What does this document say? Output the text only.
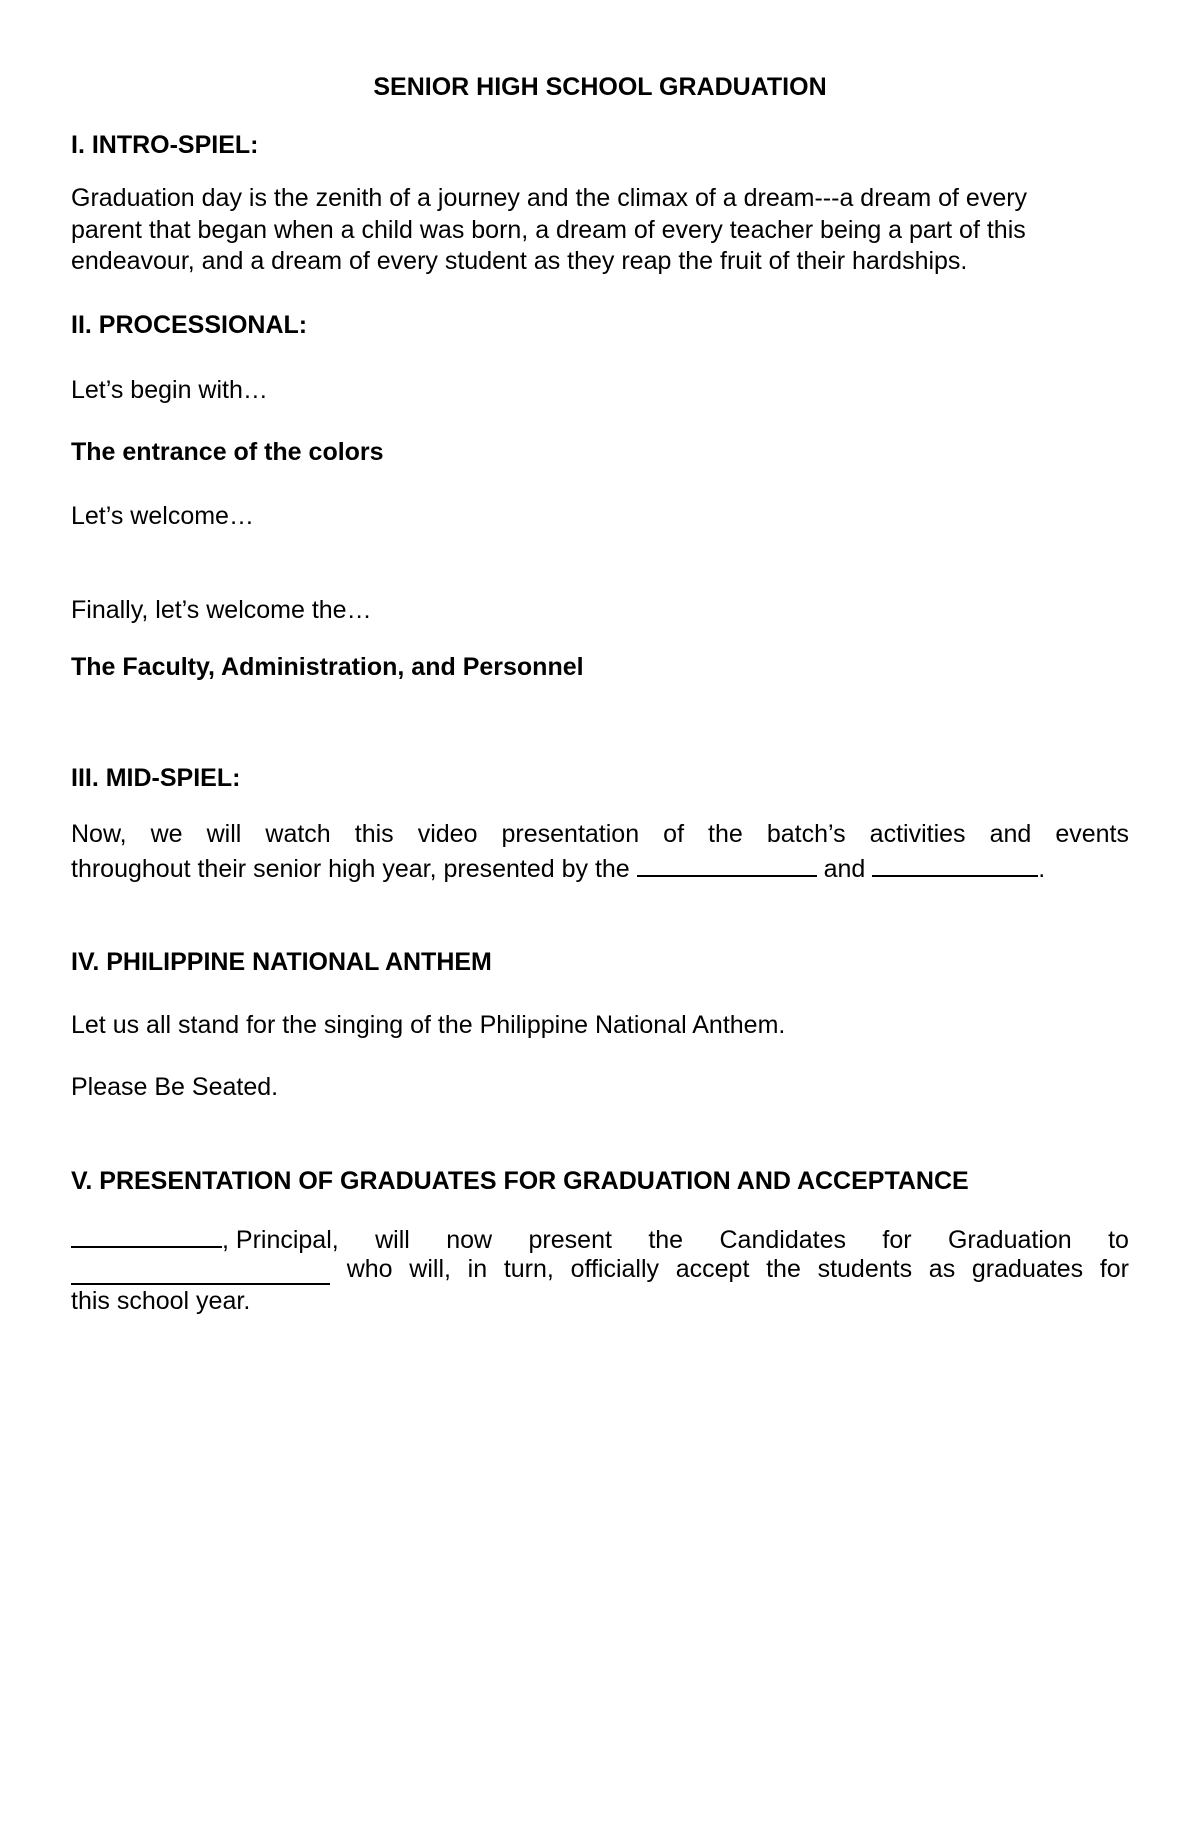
SENIOR HIGH SCHOOL GRADUATION
I. INTRO-SPIEL:
Graduation day is the zenith of a journey and the climax of a dream---a dream of every
parent that began when a child was born, a dream of every teacher being a part of this
endeavour, and a dream of every student as they reap the fruit of their hardships.
II. PROCESSIONAL:
Let’s begin with…
The entrance of the colors
Let’s welcome…
Finally, let’s welcome the…
The Faculty, Administration, and Personnel
III. MID-SPIEL:
Now, we will watch this video presentation of the batch’s activities and events
throughout their senior high year, presented by the	and	.
IV. PHILIPPINE NATIONAL ANTHEM
Let us all stand for the singing of the Philippine National Anthem.
Please Be Seated.
V. PRESENTATION OF GRADUATES FOR GRADUATION AND ACCEPTANCE
, Principal, will now present the Candidates for Graduation to
who will, in turn, officially accept the students as graduates for
this school year.
